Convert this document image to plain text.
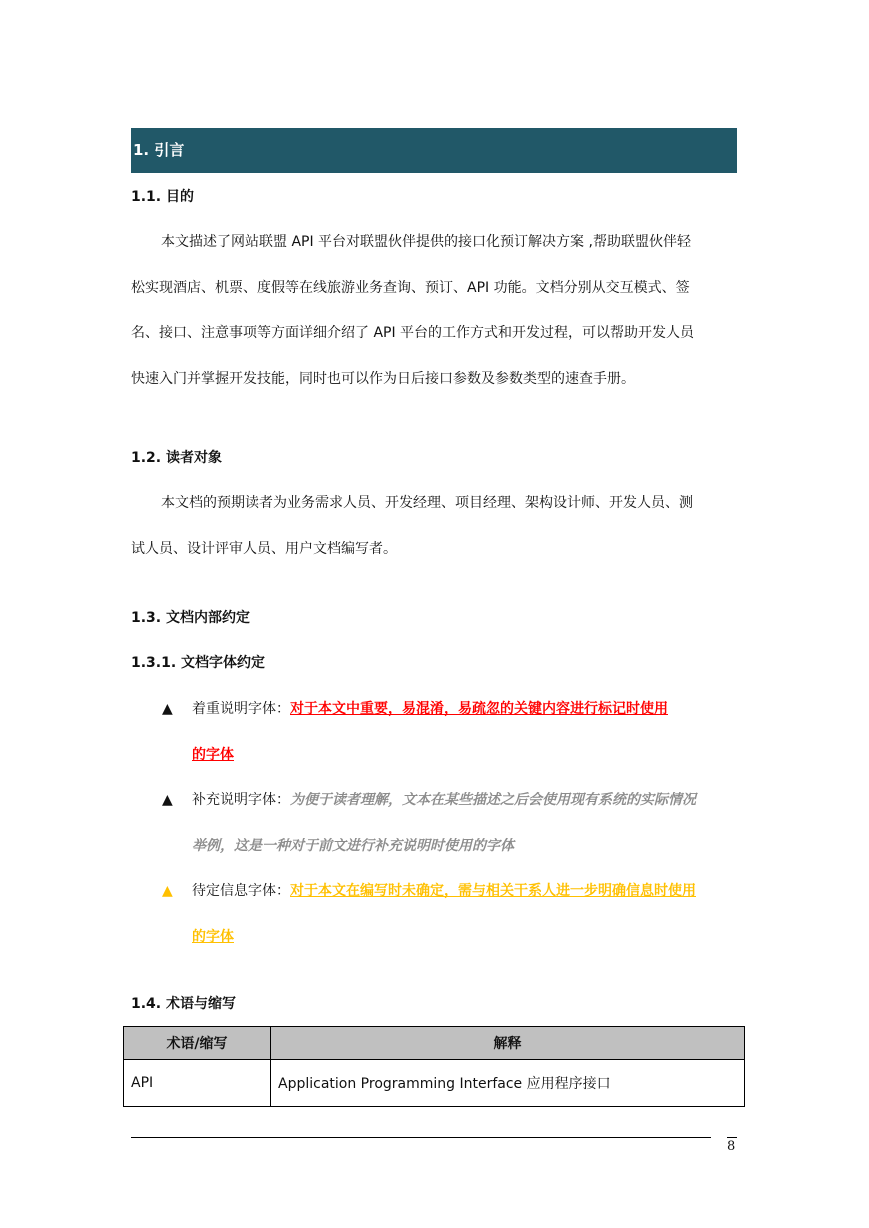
1. 引言
1.1. 目的
本文描述了网站联盟 API 平台对联盟伙伴提供的接口化预订解决方案 ,帮助联盟伙伴轻
松实现酒店、机票、度假等在线旅游业务查询、预订、API 功能。文档分别从交互模式、签
名、接口、注意事项等方面详细介绍了 API 平台的工作方式和开发过程，可以帮助开发人员
快速入门并掌握开发技能，同时也可以作为日后接口参数及参数类型的速查手册。
1.2. 读者对象
本文档的预期读者为业务需求人员、开发经理、项目经理、架构设计师、开发人员、测
试人员、设计评审人员、用户文档编写者。
1.3. 文档内部约定
1.3.1. 文档字体约定
▲ 着重说明字体：对于本文中重要，易混淆，易疏忽的关键内容进行标记时使用
的字体
▲ 补充说明字体：为便于读者理解，文本在某些描述之后会使用现有系统的实际情况
举例，这是一种对于前文进行补充说明时使用的字体
▲ 待定信息字体：对于本文在编写时未确定，需与相关干系人进一步明确信息时使用
的字体
1.4. 术语与缩写
术语/缩写	解释
API	Application Programming Interface 应用程序接口
8
